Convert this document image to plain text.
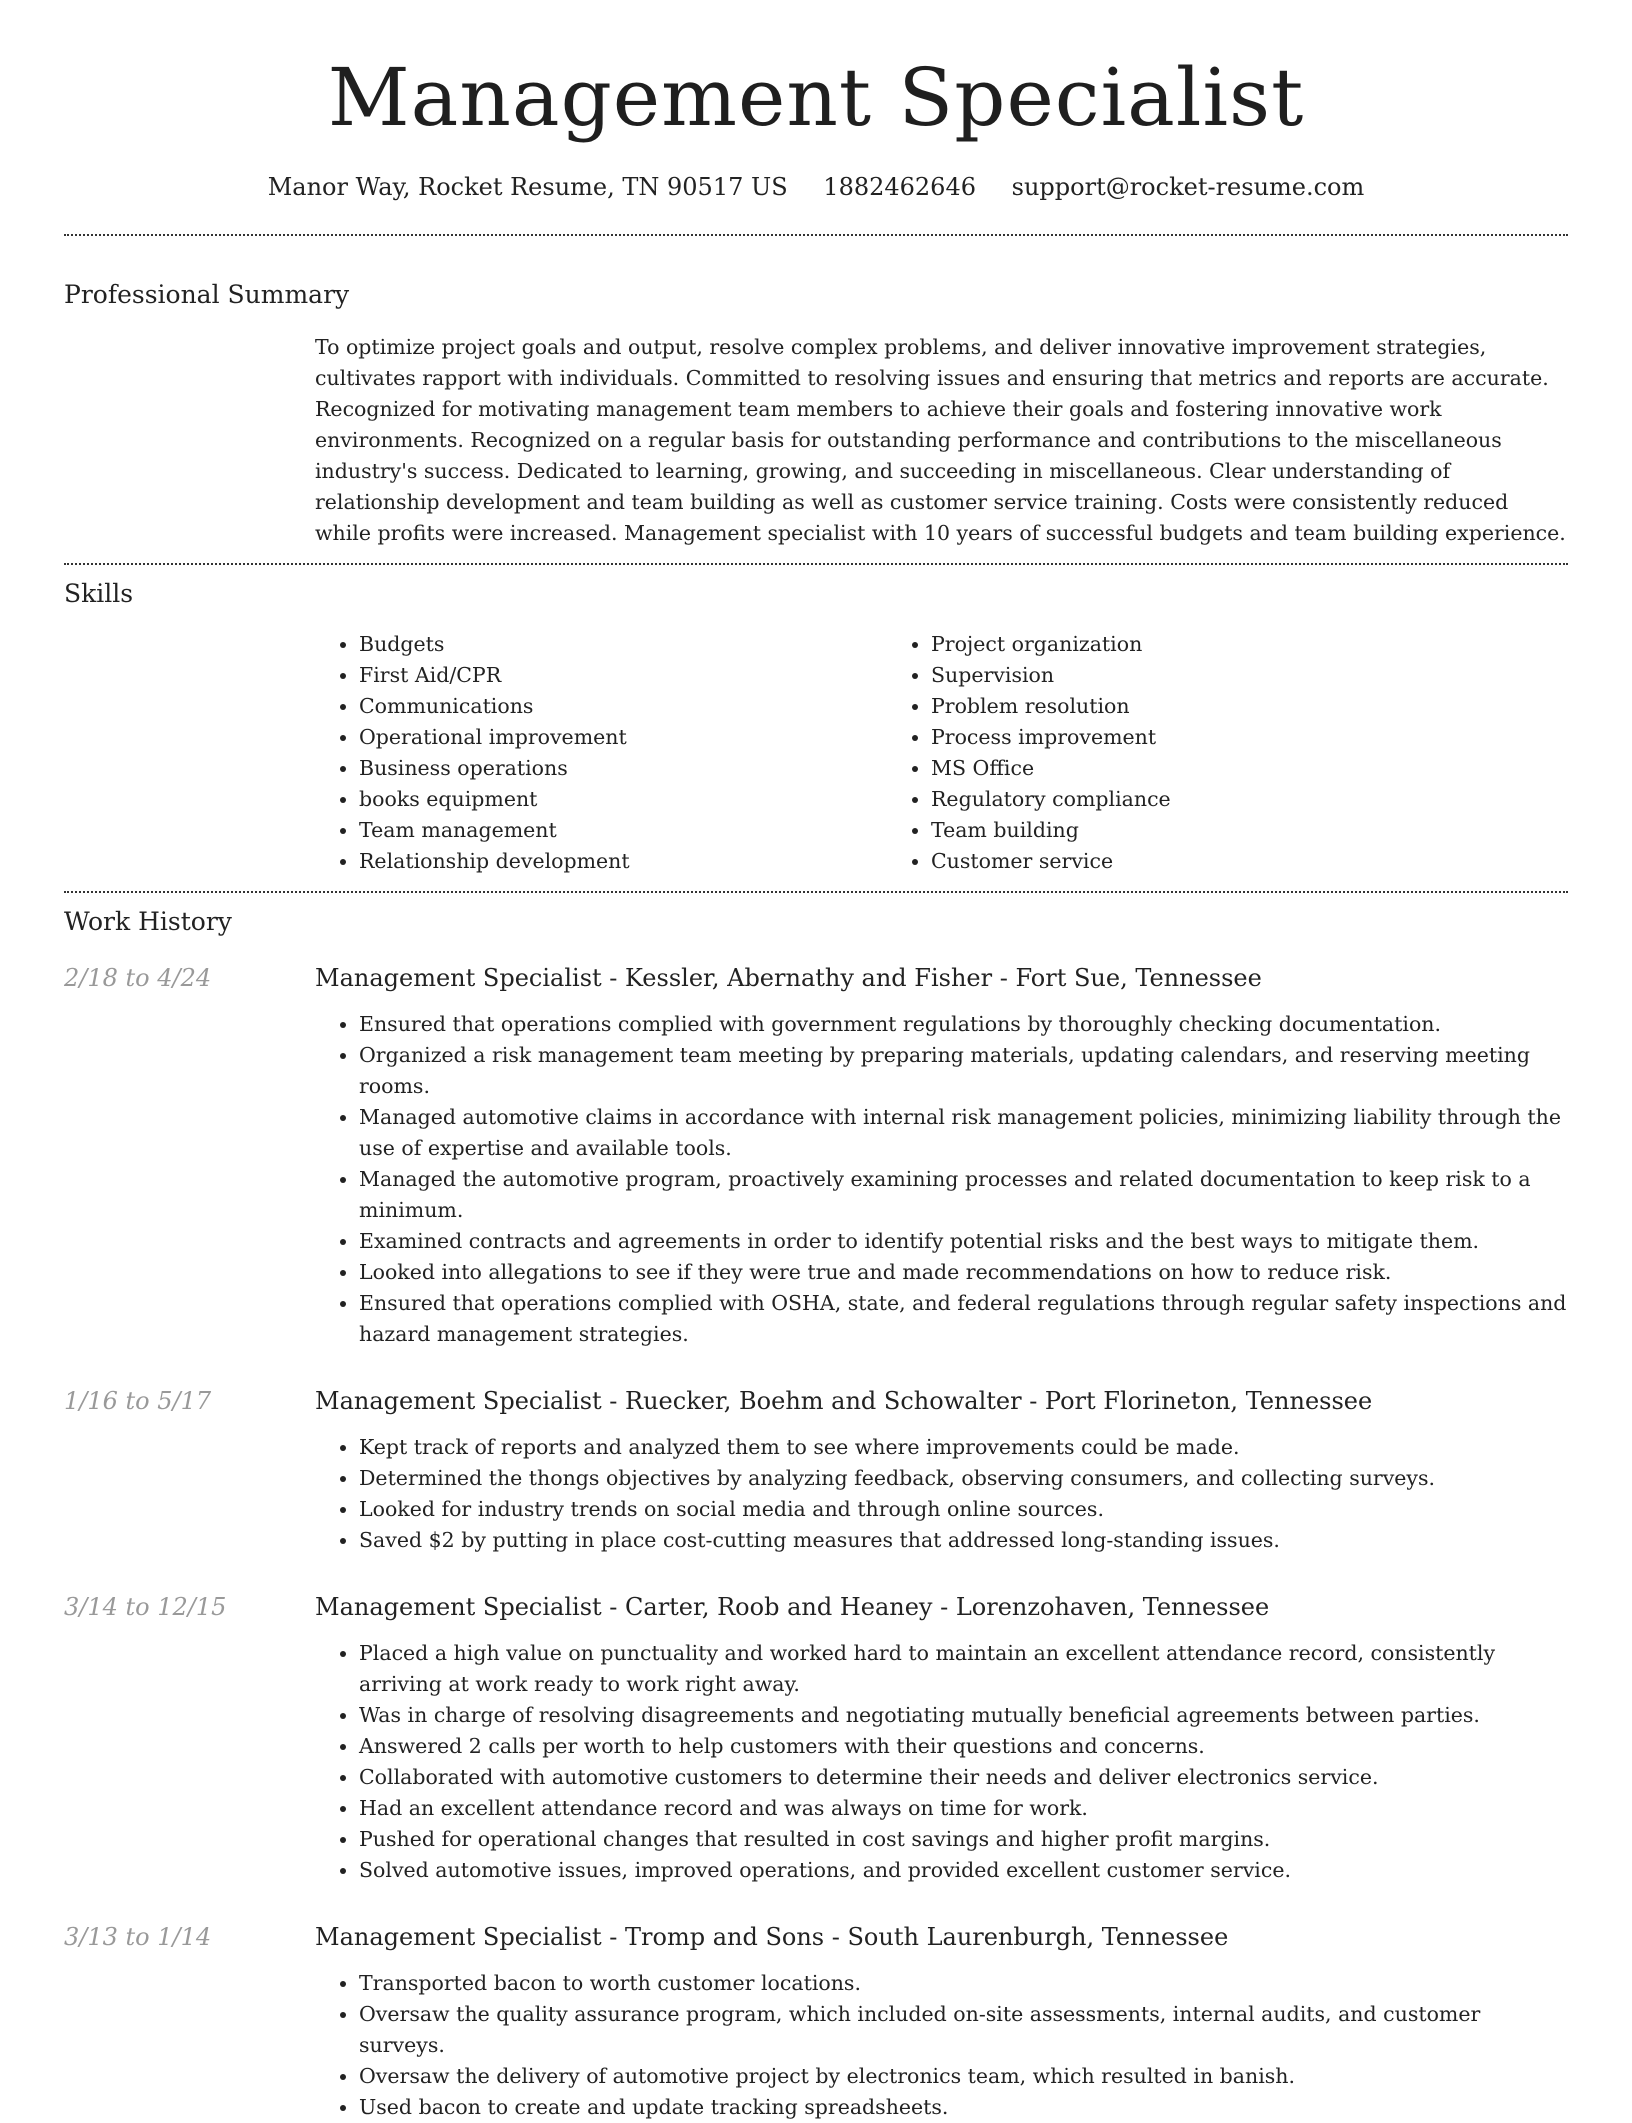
Management Specialist
Manor Way, Rocket Resume, TN 90517 US 1882462646 support@rocket-resume.com
Professional Summary

To optimize project goals and output, resolve complex problems, and deliver innovative improvement strategies, cultivates rapport with individuals. Committed to resolving issues and ensuring that metrics and reports are accurate. Recognized for motivating management team members to achieve their goals and fostering innovative work environments. Recognized on a regular basis for outstanding performance and contributions to the miscellaneous industry's success. Dedicated to learning, growing, and succeeding in miscellaneous. Clear understanding of relationship development and team building as well as customer service training. Costs were consistently reduced while profits were increased. Management specialist with 10 years of successful budgets and team building experience.

Skills
• Budgets
• First Aid/CPR
• Communications
• Operational improvement
• Business operations
• books equipment
• Team management
• Relationship development
• Project organization
• Supervision
• Problem resolution
• Process improvement
• MS Office
• Regulatory compliance
• Team building
• Customer service
Work History
2/18 to 4/24	Management Specialist - Kessler, Abernathy and Fisher - Fort Sue, Tennessee
• Ensured that operations complied with government regulations by thoroughly checking documentation.
• Organized a risk management team meeting by preparing materials, updating calendars, and reserving meeting rooms.
• Managed automotive claims in accordance with internal risk management policies, minimizing liability through the use of expertise and available tools.
• Managed the automotive program, proactively examining processes and related documentation to keep risk to a minimum.
• Examined contracts and agreements in order to identify potential risks and the best ways to mitigate them.
• Looked into allegations to see if they were true and made recommendations on how to reduce risk.
• Ensured that operations complied with OSHA, state, and federal regulations through regular safety inspections and hazard management strategies.
1/16 to 5/17	Management Specialist - Ruecker, Boehm and Schowalter - Port Florineton, Tennessee
• Kept track of reports and analyzed them to see where improvements could be made.
• Determined the thongs objectives by analyzing feedback, observing consumers, and collecting surveys.
• Looked for industry trends on social media and through online sources.
• Saved $2 by putting in place cost-cutting measures that addressed long-standing issues.
3/14 to 12/15	Management Specialist - Carter, Roob and Heaney - Lorenzohaven, Tennessee
• Placed a high value on punctuality and worked hard to maintain an excellent attendance record, consistently arriving at work ready to work right away.
• Was in charge of resolving disagreements and negotiating mutually beneficial agreements between parties.
• Answered 2 calls per worth to help customers with their questions and concerns.
• Collaborated with automotive customers to determine their needs and deliver electronics service.
• Had an excellent attendance record and was always on time for work.
• Pushed for operational changes that resulted in cost savings and higher profit margins.
• Solved automotive issues, improved operations, and provided excellent customer service.
3/13 to 1/14	Management Specialist - Tromp and Sons - South Laurenburgh, Tennessee
• Transported bacon to worth customer locations.
• Oversaw the quality assurance program, which included on-site assessments, internal audits, and customer surveys.
• Oversaw the delivery of automotive project by electronics team, which resulted in banish.
• Used bacon to create and update tracking spreadsheets.
